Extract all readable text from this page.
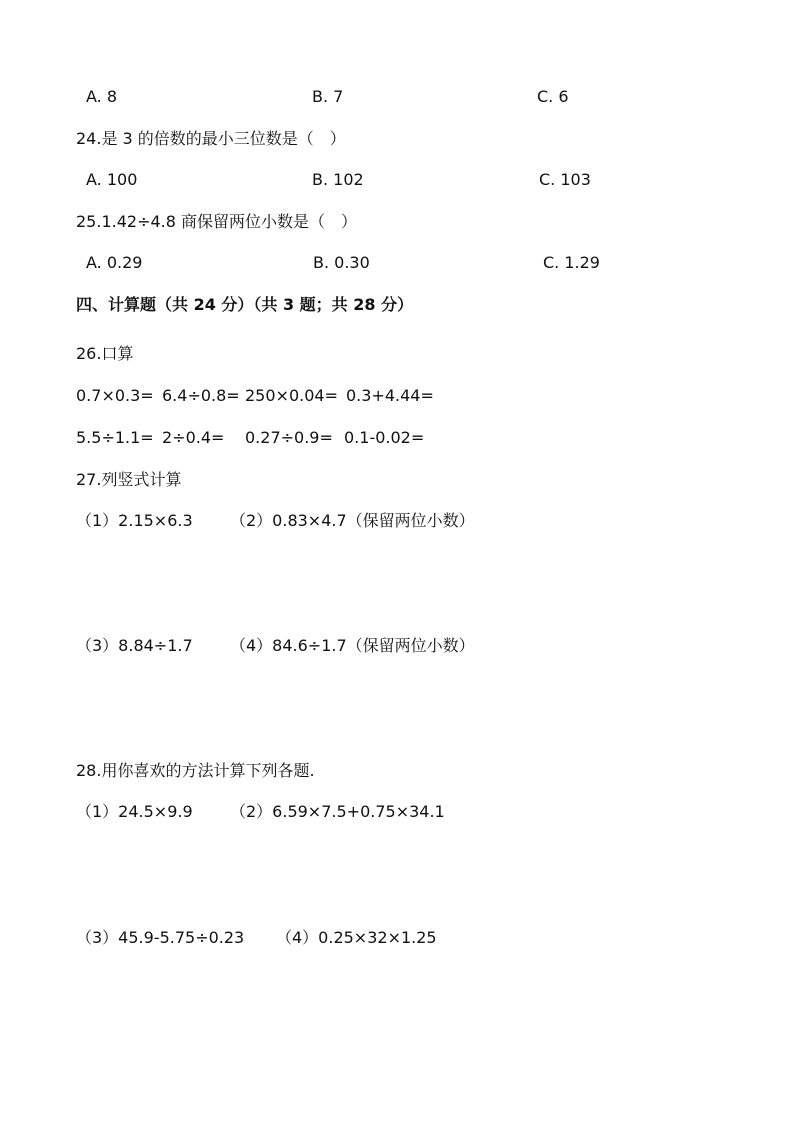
A. 8	B. 7	C. 6
24.是 3 的倍数的最小三位数是（　）
A. 100	B. 102	C. 103
25.1.42÷4.8 商保留两位小数是（　）
A. 0.29	B. 0.30	C. 1.29
四、计算题（共 24 分）（共 3 题；共 28 分）
26.口算
0.7×0.3= 6.4÷0.8= 250×0.04= 0.3+4.44=
5.5÷1.1= 2÷0.4= 0.27÷0.9= 0.1-0.02=
27.列竖式计算
（1）2.15×6.3 （2）0.83×4.7（保留两位小数）
（3）8.84÷1.7 （4）84.6÷1.7（保留两位小数）
28.用你喜欢的方法计算下列各题.
（1）24.5×9.9 （2）6.59×7.5+0.75×34.1
（3）45.9-5.75÷0.23 （4）0.25×32×1.25
